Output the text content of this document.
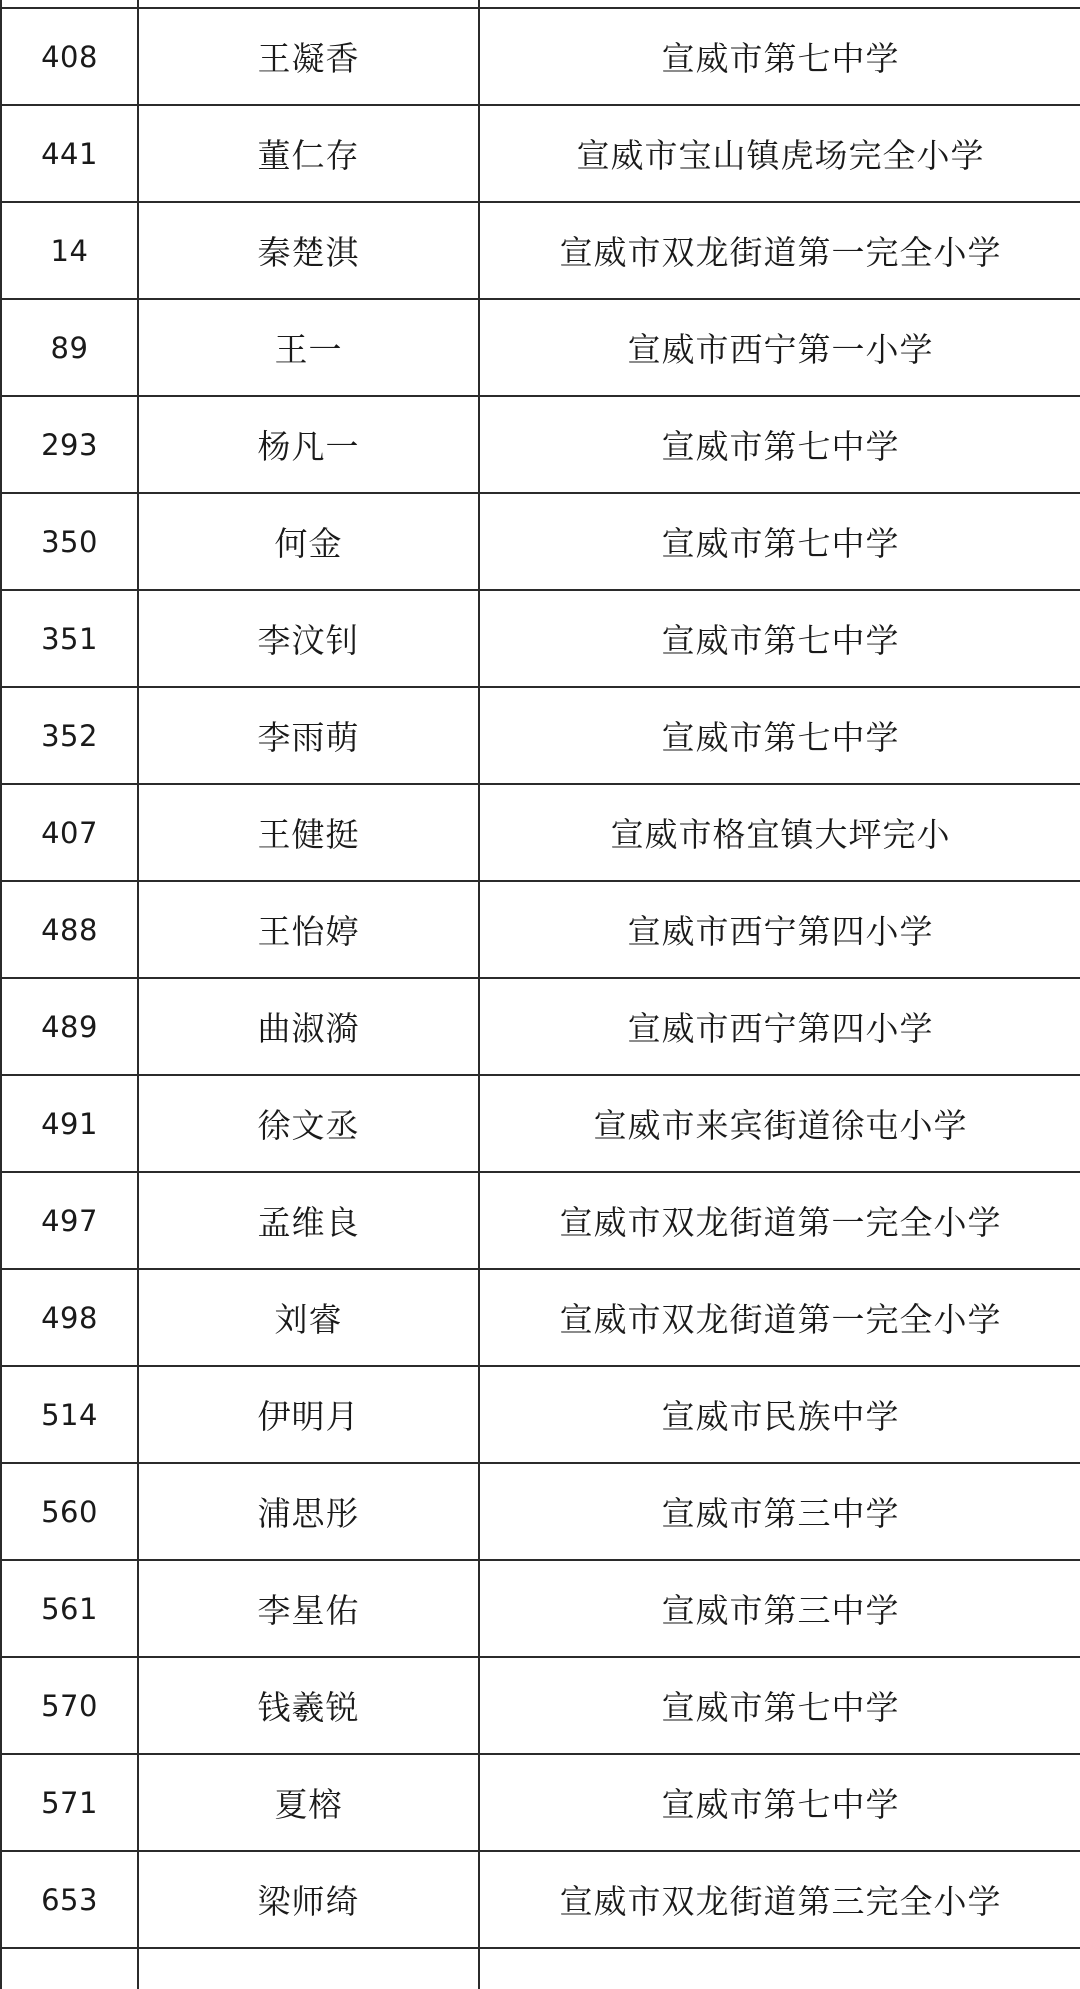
408	王凝香	宣威市第七中学
441	董仁存	宣威市宝山镇虎场完全小学
14	秦楚淇	宣威市双龙街道第一完全小学
89	王一	宣威市西宁第一小学
293	杨凡一	宣威市第七中学
350	何金	宣威市第七中学
351	李汶钊	宣威市第七中学
352	李雨萌	宣威市第七中学
407	王健挺	宣威市格宜镇大坪完小
488	王怡婷	宣威市西宁第四小学
489	曲淑漪	宣威市西宁第四小学
491	徐文丞	宣威市来宾街道徐屯小学
497	孟维良	宣威市双龙街道第一完全小学
498	刘睿	宣威市双龙街道第一完全小学
514	伊明月	宣威市民族中学
560	浦思彤	宣威市第三中学
561	李星佑	宣威市第三中学
570	钱羲锐	宣威市第七中学
571	夏榕	宣威市第七中学
653	梁师绮	宣威市双龙街道第三完全小学
